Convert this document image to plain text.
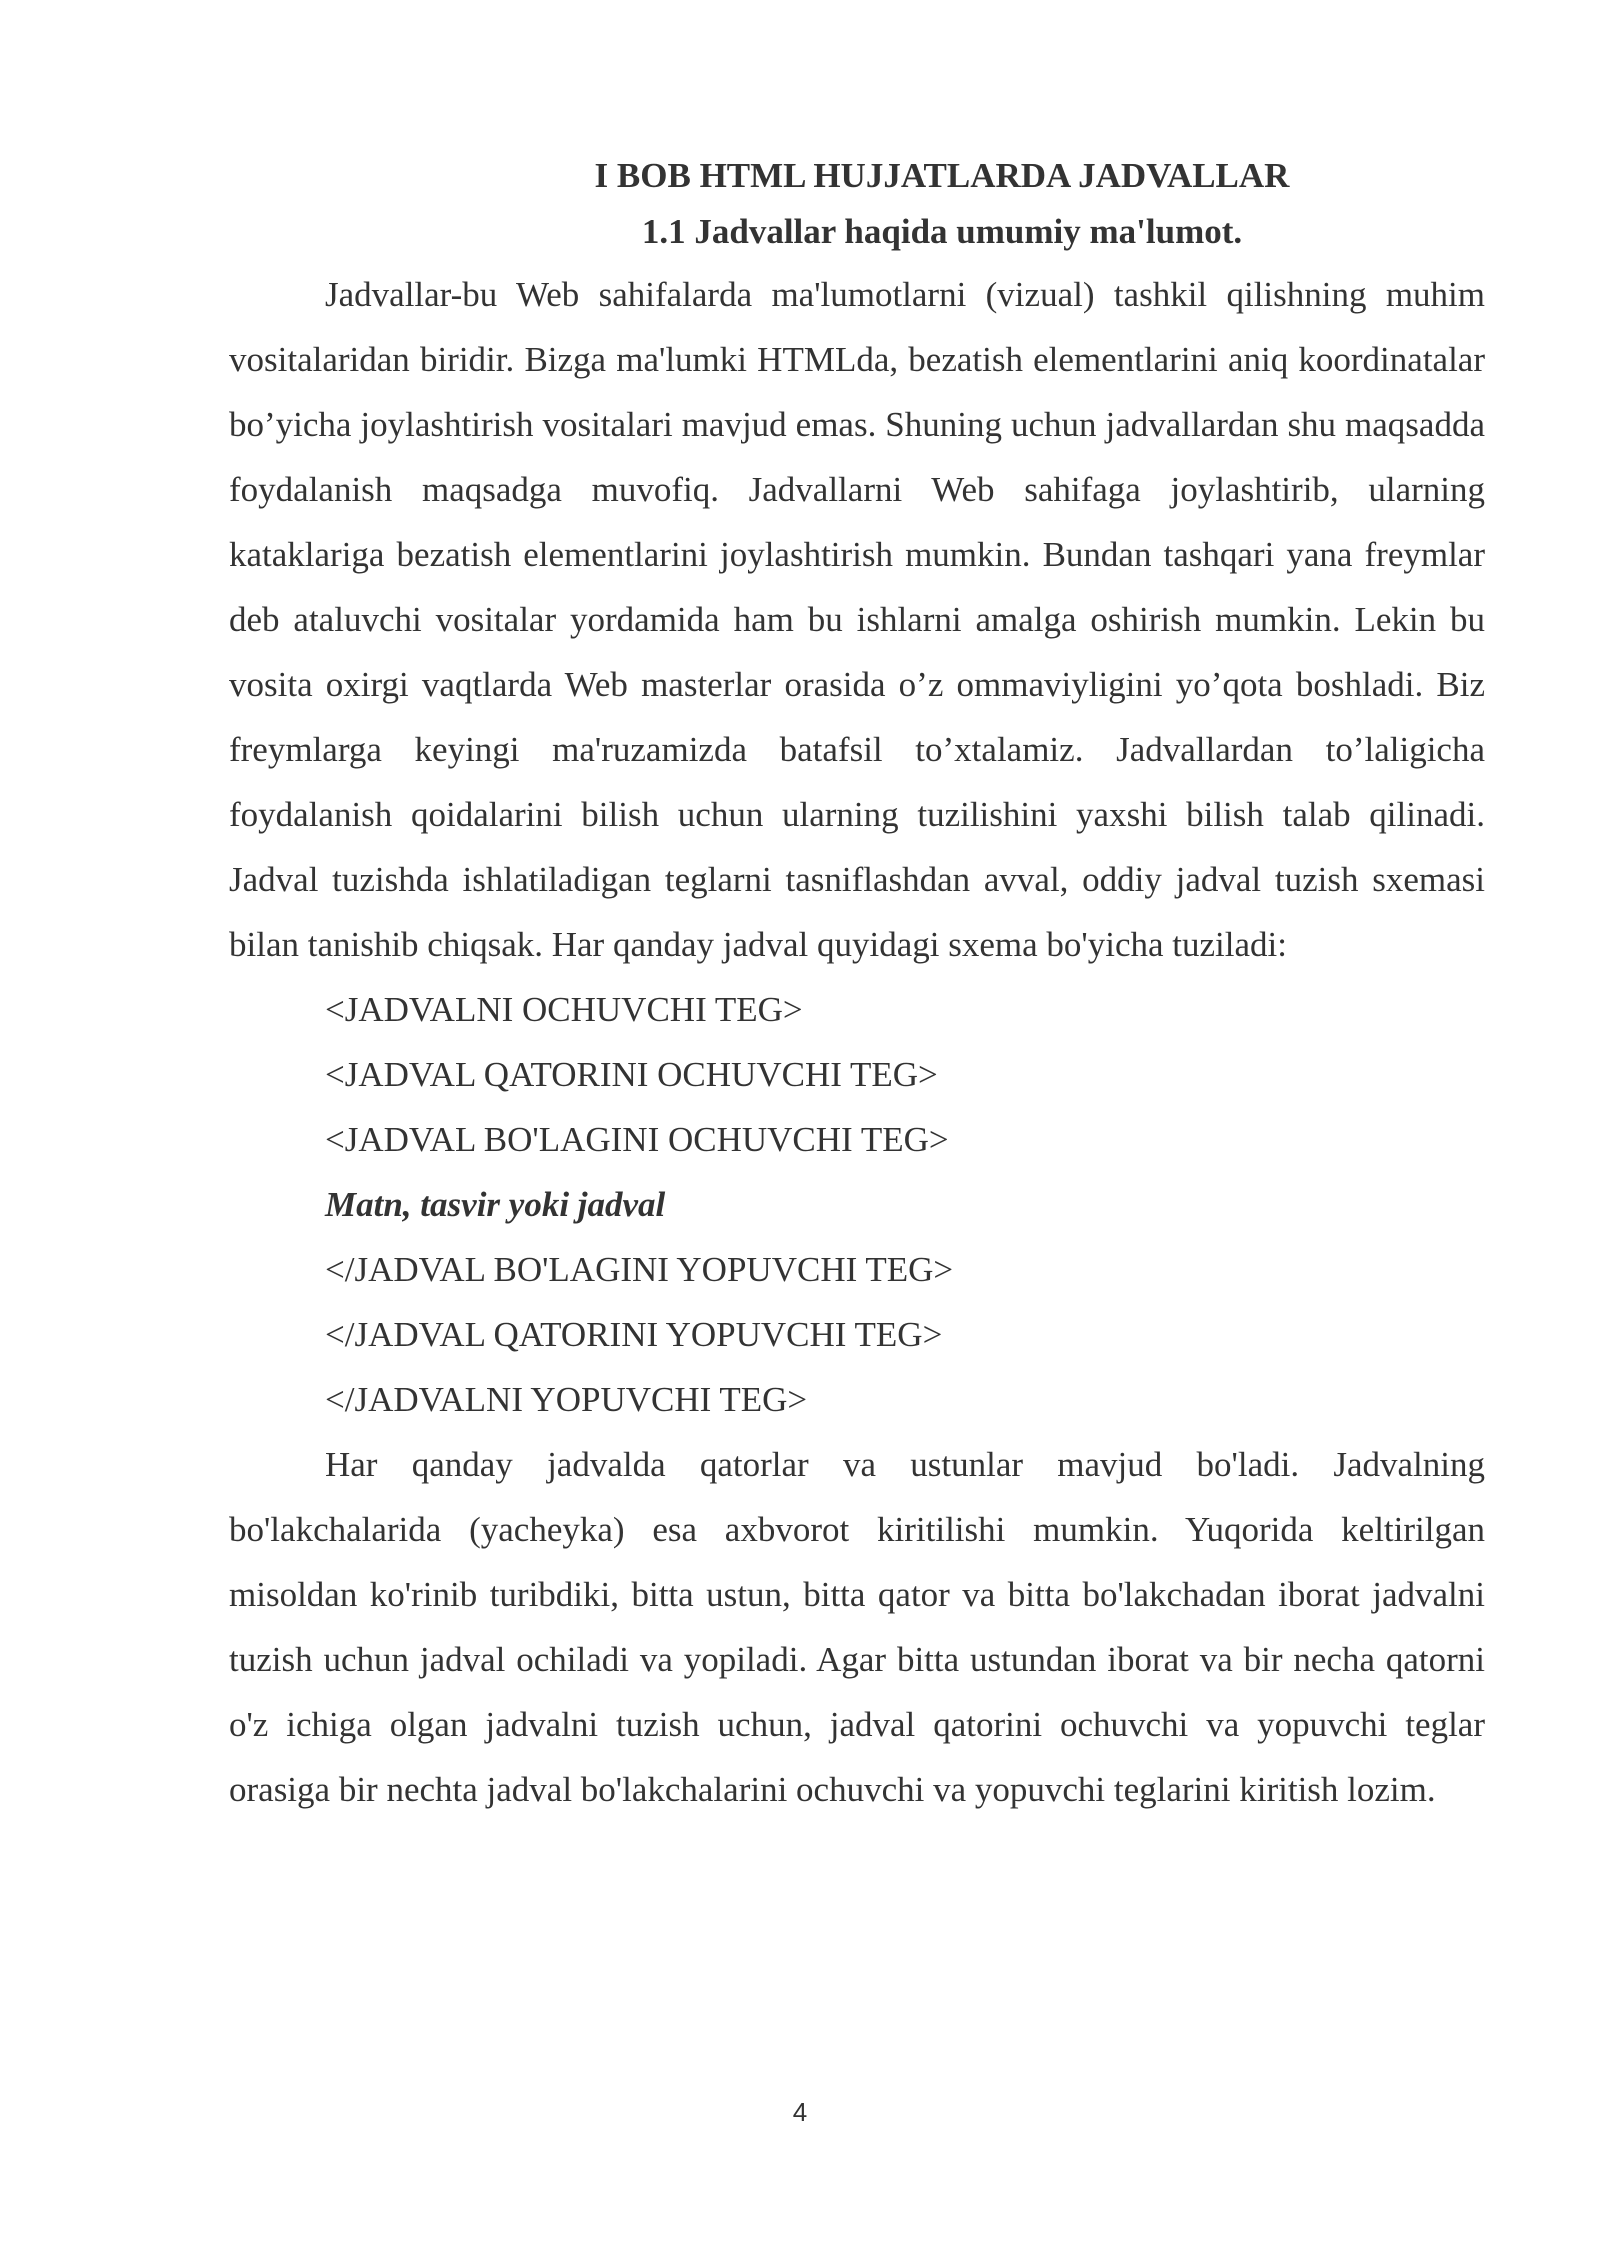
I BOB HTML HUJJATLARDA JADVALLAR
1.1 Jadvallar haqida umumiy ma'lumot.

Jadvallar-bu Web sahifalarda ma'lumotlarni (vizual) tashkil qilishning muhim vositalaridan biridir. Bizga ma'lumki HTMLda, bezatish elementlarini aniq koordinatalar bo’yicha joylashtirish vositalari mavjud emas. Shuning uchun jadvallardan shu maqsadda foydalanish maqsadga muvofiq. Jadvallarni Web sahifaga joylashtirib, ularning kataklariga bezatish elementlarini joylashtirish mumkin. Bundan tashqari yana freymlar deb ataluvchi vositalar yordamida ham bu ishlarni amalga oshirish mumkin. Lekin bu vosita oxirgi vaqtlarda Web masterlar orasida o’z ommaviyligini yo’qota boshladi. Biz freymlarga keyingi ma'ruzamizda batafsil to’xtalamiz. Jadvallardan to’laligicha foydalanish qoidalarini bilish uchun ularning tuzilishini yaxshi bilish talab qilinadi. Jadval tuzishda ishlatiladigan teglarni tasniflashdan avval, oddiy jadval tuzish sxemasi bilan tanishib chiqsak. Har qanday jadval quyidagi sxema bo'yicha tuziladi:

<JADVALNI OCHUVCHI TEG>

<JADVAL QATORINI OCHUVCHI TEG>

<JADVAL BO'LAGINI OCHUVCHI TEG>

Matn, tasvir yoki jadval

</JADVAL BO'LAGINI YOPUVCHI TEG>

</JADVAL QATORINI YOPUVCHI TEG>

</JADVALNI YOPUVCHI TEG>

Har qanday jadvalda qatorlar va ustunlar mavjud bo'ladi. Jadvalning bo'lakchalarida (yacheyka) esa axbvorot kiritilishi mumkin. Yuqorida keltirilgan misoldan ko'rinib turibdiki, bitta ustun, bitta qator va bitta bo'lakchadan iborat jadvalni tuzish uchun jadval ochiladi va yopiladi. Agar bitta ustundan iborat va bir necha qatorni o'z ichiga olgan jadvalni tuzish uchun, jadval qatorini ochuvchi va yopuvchi teglar orasiga bir nechta jadval bo'lakchalarini ochuvchi va yopuvchi teglarini kiritish lozim.

4
